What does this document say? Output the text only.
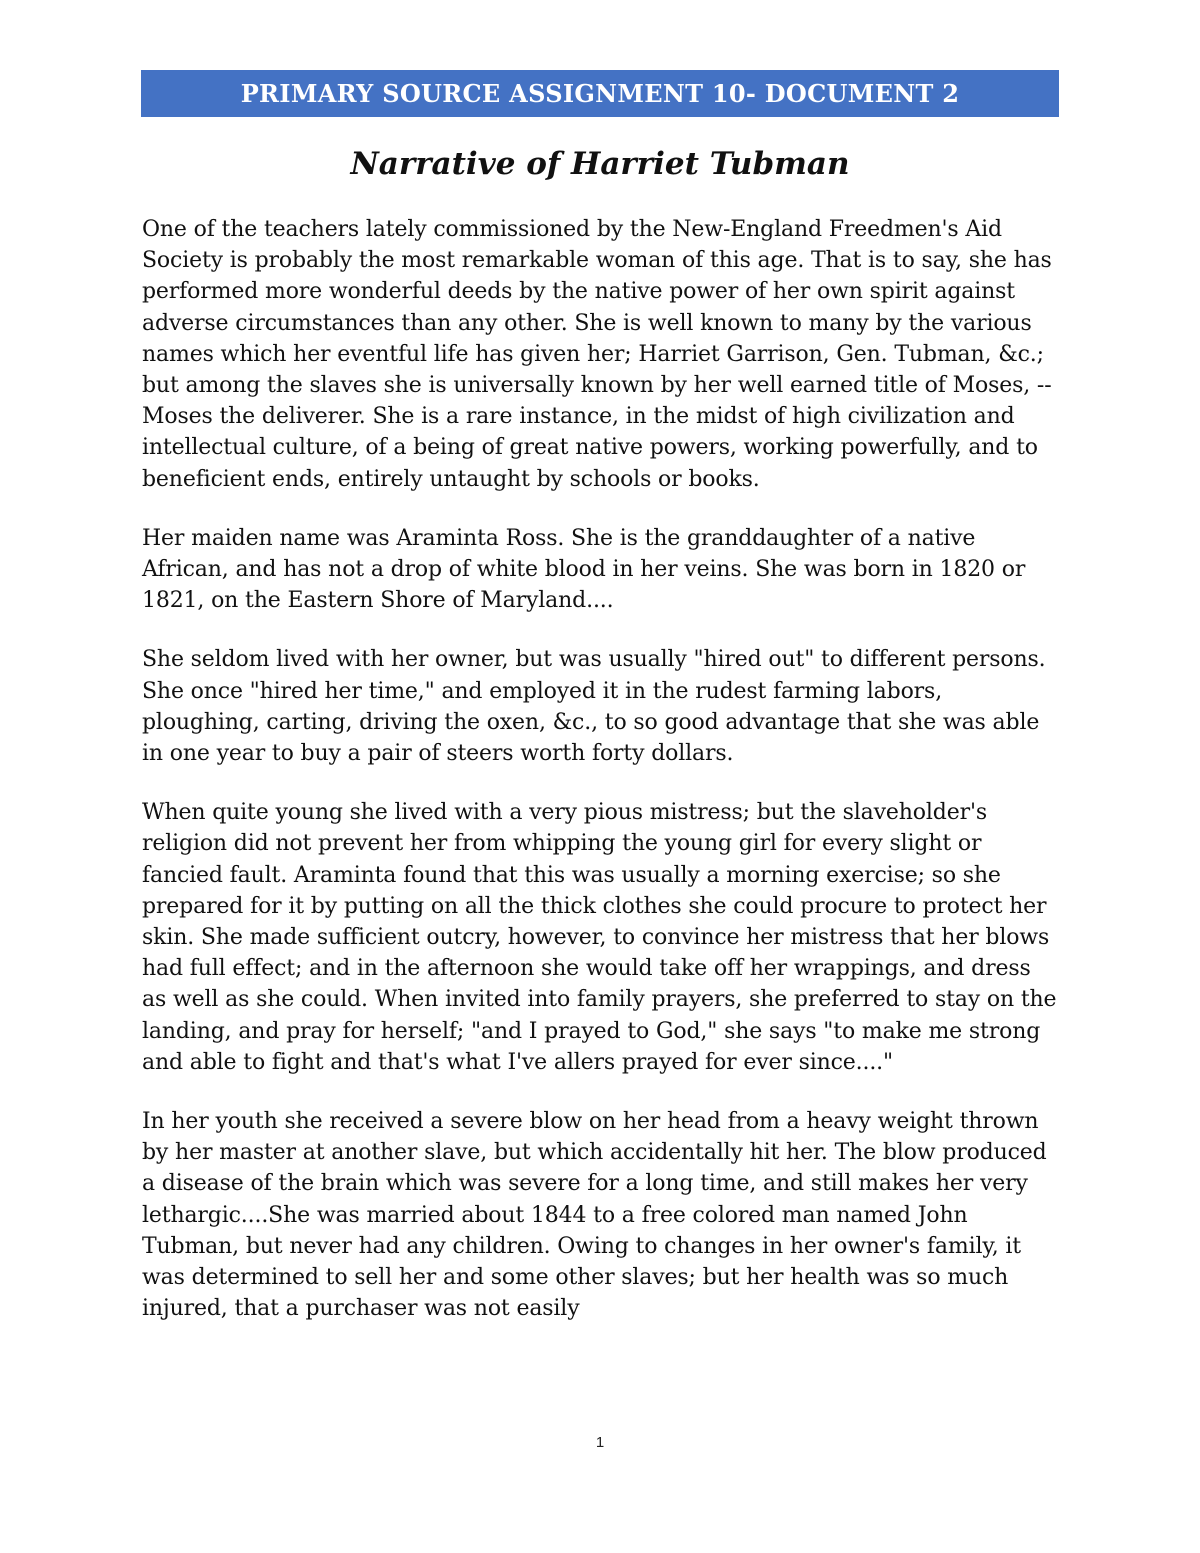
PRIMARY SOURCE ASSIGNMENT 10- DOCUMENT 2
Narrative of Harriet Tubman

One of the teachers lately commissioned by the New-England Freedmen's Aid Society is probably the most remarkable woman of this age. That is to say, she has performed more wonderful deeds by the native power of her own spirit against adverse circumstances than any other. She is well known to many by the various names which her eventful life has given her; Harriet Garrison, Gen. Tubman, &c.; but among the slaves she is universally known by her well earned title of Moses, -- Moses the deliverer. She is a rare instance, in the midst of high civilization and intellectual culture, of a being of great native powers, working powerfully, and to beneficient ends, entirely untaught by schools or books.

Her maiden name was Araminta Ross. She is the granddaughter of a native African, and has not a drop of white blood in her veins. She was born in 1820 or 1821, on the Eastern Shore of Maryland....

She seldom lived with her owner, but was usually "hired out" to different persons. She once "hired her time," and employed it in the rudest farming labors, ploughing, carting, driving the oxen, &c., to so good advantage that she was able in one year to buy a pair of steers worth forty dollars.

When quite young she lived with a very pious mistress; but the slaveholder's religion did not prevent her from whipping the young girl for every slight or fancied fault. Araminta found that this was usually a morning exercise; so she prepared for it by putting on all the thick clothes she could procure to protect her skin. She made sufficient outcry, however, to convince her mistress that her blows had full effect; and in the afternoon she would take off her wrappings, and dress as well as she could. When invited into family prayers, she preferred to stay on the landing, and pray for herself; "and I prayed to God," she says "to make me strong and able to fight and that's what I've allers prayed for ever since...."

In her youth she received a severe blow on her head from a heavy weight thrown by her master at another slave, but which accidentally hit her. The blow produced a disease of the brain which was severe for a long time, and still makes her very lethargic....She was married about 1844 to a free colored man named John Tubman, but never had any children. Owing to changes in her owner's family, it was determined to sell her and some other slaves; but her health was so much injured, that a purchaser was not easily

1
